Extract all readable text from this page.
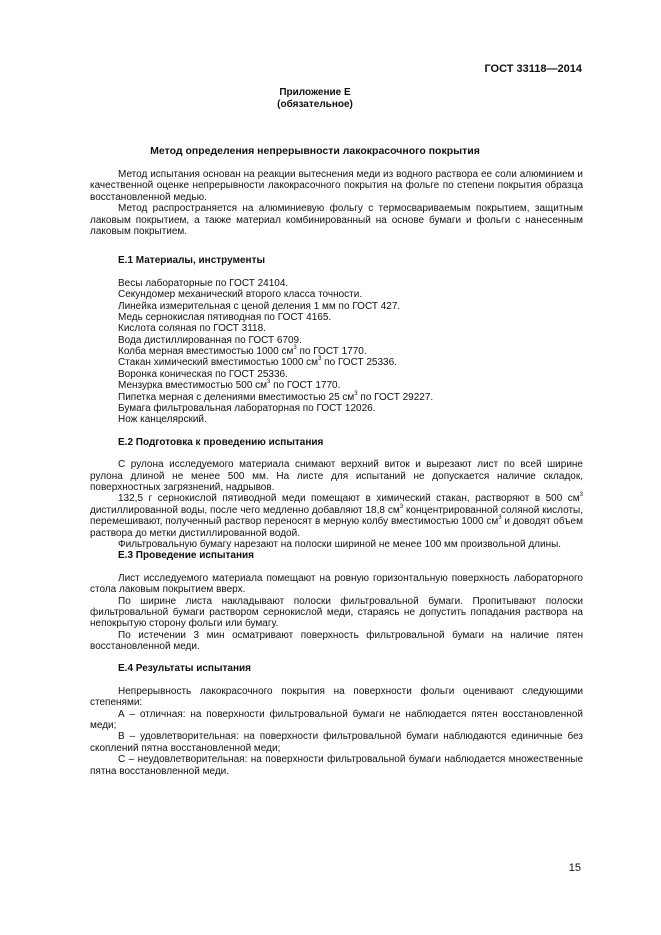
ГОСТ 33118—2014
Приложение Е
(обязательное)
Метод определения непрерывности лакокрасочного покрытия

Метод испытания основан на реакции вытеснения меди из водного раствора ее соли алюминием и качественной оценке непрерывности лакокрасочного покрытия на фольге по степени покрытия образца восстановленной медью.

Метод распространяется на алюминиевую фольгу с термосвариваемым покрытием, защитным лаковым покрытием, а также материал комбинированный на основе бумаги и фольги с нанесенным лаковым покрытием.

Е.1 Материалы, инструменты
Весы лабораторные по ГОСТ 24104.
Секундомер механический второго класса точности.
Линейка измерительная с ценой деления 1 мм по ГОСТ 427.
Медь сернокислая пятиводная по ГОСТ 4165.
Кислота соляная по ГОСТ 3118.
Вода дистиллированная по ГОСТ 6709.
Колба мерная вместимостью 1000 $см^3$ по ГОСТ 1770.
Стакан химический вместимостью 1000 $см^3$ по ГОСТ 25336.
Воронка коническая по ГОСТ 25336.
Мензурка вместимостью 500 $см^3$ по ГОСТ 1770.
Пипетка мерная с делениями вместимостью 25 $см^3$ по ГОСТ 29227.
Бумага фильтровальная лабораторная по ГОСТ 12026.
Нож канцелярский.
Е.2 Подготовка к проведению испытания

С рулона исследуемого материала снимают верхний виток и вырезают лист по всей ширине рулона длиной не менее 500 мм. На листе для испытаний не допускается наличие складок, поверхностных загрязнений, надрывов.

132,5 г сернокислой пятиводной меди помещают в химический стакан, растворяют в 500 $см^3$ дистиллированной воды, после чего медленно добавляют 18,8 $см^3$ концентрированной соляной кислоты, перемешивают, полученный раствор переносят в мерную колбу вместимостью 1000 $см^3$ и доводят объем раствора до метки дистиллированной водой.

Фильтровальную бумагу нарезают на полоски шириной не менее 100 мм произвольной длины.

Е.3 Проведение испытания

Лист исследуемого материала помещают на ровную горизонтальную поверхность лабораторного стола лаковым покрытием вверх.

По ширине листа накладывают полоски фильтровальной бумаги. Пропитывают полоски фильтровальной бумаги раствором сернокислой меди, стараясь не допустить попадания раствора на непокрытую сторону фольги или бумагу.

По истечении 3 мин осматривают поверхность фильтровальной бумаги на наличие пятен восстановленной меди.

Е.4 Результаты испытания

Непрерывность лакокрасочного покрытия на поверхности фольги оценивают следующими степенями:

А – отличная: на поверхности фильтровальной бумаги не наблюдается пятен восстановленной меди;

В – удовлетворительная: на поверхности фильтровальной бумаги наблюдаются единичные без скоплений пятна восстановленной меди;

С – неудовлетворительная: на поверхности фильтровальной бумаги наблюдается множественные пятна восстановленной меди.

15
